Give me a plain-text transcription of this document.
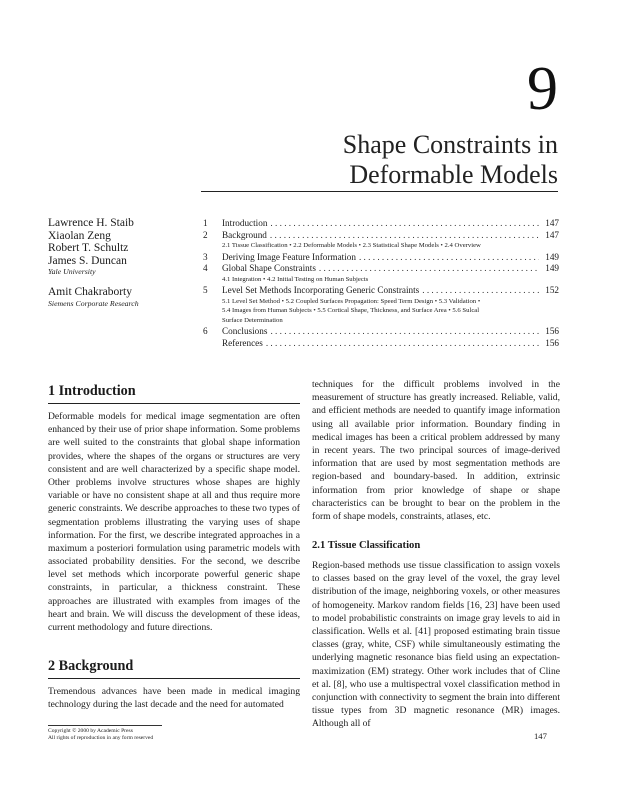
9
Shape Constraints in
Deformable Models
Lawrence H. Staib
Xiaolan Zeng
Robert T. Schultz
James S. Duncan
Yale University
Amit Chakraborty
Siemens Corporate Research
1	Introduction . . .	147
2	Background . . .	147
2.1 Tissue Classification • 2.2 Deformable Models • 2.3 Statistical Shape Models • 2.4 Overview
3	Deriving Image Feature Information . . .	149
4	Global Shape Constraints . . .	149
4.1 Integration • 4.2 Initial Testing on Human Subjects
5	Level Set Methods Incorporating Generic Constraints . . .	152
5.1 Level Set Method • 5.2 Coupled Surfaces Propagation: Speed Term Design • 5.3 Validation •
5.4 Images from Human Subjects • 5.5 Cortical Shape, Thickness, and Surface Area • 5.6 Sulcal
Surface Determination
6	Conclusions . . .	156
References . . .	156
1 Introduction

Deformable models for medical image segmentation are often enhanced by their use of prior shape information. Some problems are well suited to the constraints that global shape information provides, where the shapes of the organs or structures are very consistent and are well characterized by a specific shape model. Other problems involve structures whose shapes are highly variable or have no consistent shape at all and thus require more generic constraints. We describe approaches to these two types of segmentation problems illustrating the varying uses of shape information. For the first, we describe integrated approaches in a maximum a posteriori formulation using parametric models with associated probability densities. For the second, we describe level set methods which incorporate powerful generic shape constraints, in particular, a thickness constraint. These approaches are illustrated with examples from images of the heart and brain. We will discuss the development of these ideas, current methodology and future directions.

2 Background

Tremendous advances have been made in medical imaging technology during the last decade and the need for automated

techniques for the difficult problems involved in the measurement of structure has greatly increased. Reliable, valid, and efficient methods are needed to quantify image information using all available prior information. Boundary finding in medical images has been a critical problem addressed by many in recent years. The two principal sources of image-derived information that are used by most segmentation methods are region-based and boundary-based. In addition, extrinsic information from prior knowledge of shape or shape characteristics can be brought to bear on the problem in the form of shape models, constraints, atlases, etc.

2.1 Tissue Classification

Region-based methods use tissue classification to assign voxels to classes based on the gray level of the voxel, the gray level distribution of the image, neighboring voxels, or other measures of homogeneity. Markov random fields [16, 23] have been used to model probabilistic constraints on image gray levels to aid in classification. Wells et al. [41] proposed estimating brain tissue classes (gray, white, CSF) while simultaneously estimating the underlying magnetic resonance bias field using an expectation-maximization (EM) strategy. Other work includes that of Cline et al. [8], who use a multispectral voxel classification method in conjunction with connectivity to segment the brain into different tissue types from 3D magnetic resonance (MR) images. Although all of

Copyright © 2000 by Academic Press
All rights of reproduction in any form reserved	147
